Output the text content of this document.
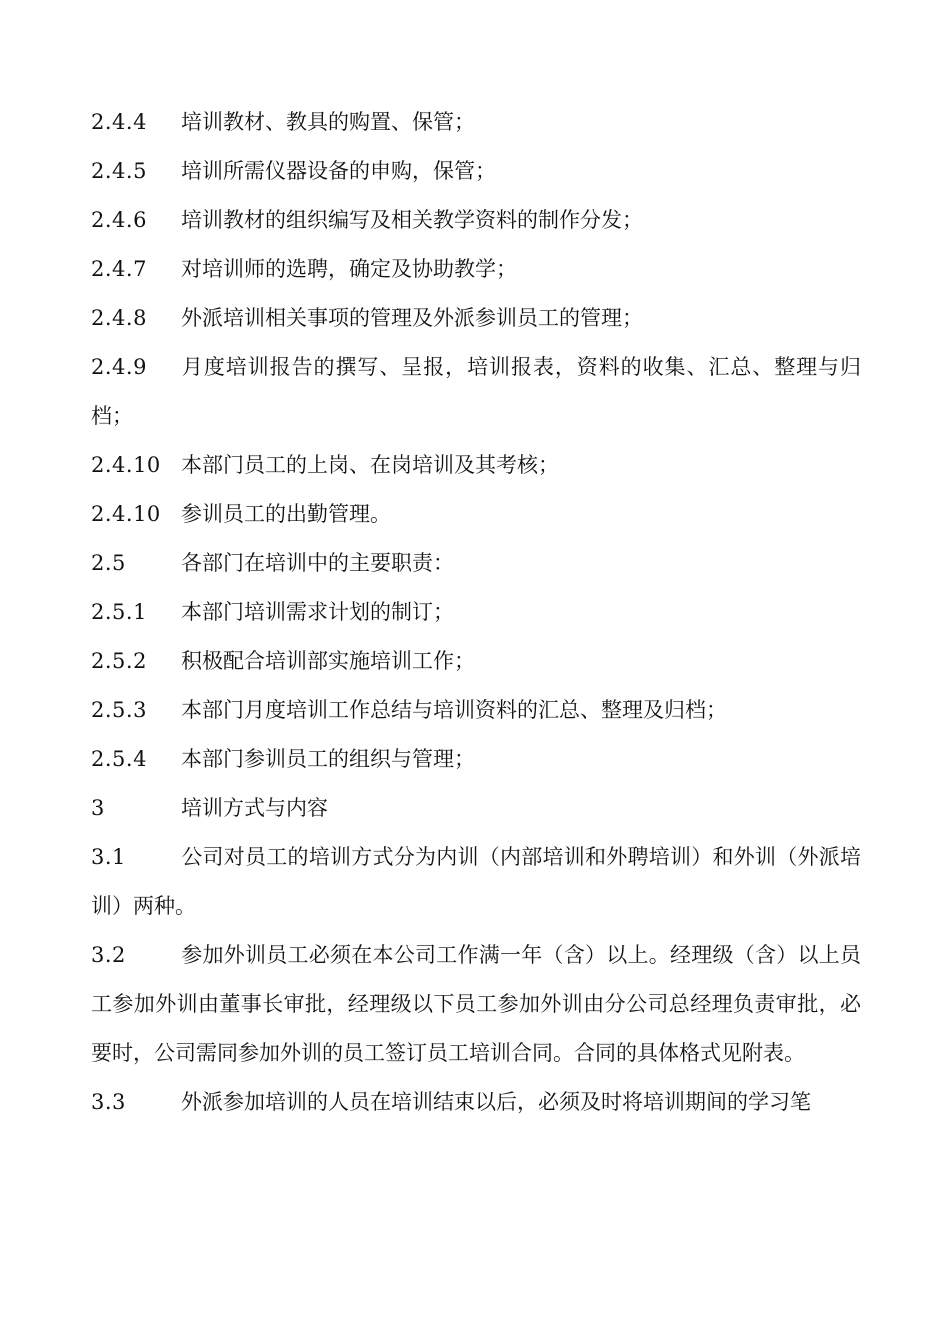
2.4.4 培训教材、教具的购置、保管；

2.4.5 培训所需仪器设备的申购，保管；

2.4.6 培训教材的组织编写及相关教学资料的制作分发；

2.4.7 对培训师的选聘，确定及协助教学；

2.4.8 外派培训相关事项的管理及外派参训员工的管理；

2.4.9 月度培训报告的撰写、呈报，培训报表，资料的收集、汇总、整理与归档；

2.4.10 本部门员工的上岗、在岗培训及其考核；

2.4.10 参训员工的出勤管理。

2.5	各部门在培训中的主要职责：

2.5.1 本部门培训需求计划的制订；

2.5.2 积极配合培训部实施培训工作；

2.5.3 本部门月度培训工作总结与培训资料的汇总、整理及归档；

2.5.4 本部门参训员工的组织与管理；

3	培训方式与内容

3.1	公司对员工的培训方式分为内训（内部培训和外聘培训）和外训（外派培训）两种。

3.2	参加外训员工必须在本公司工作满一年（含）以上。经理级（含）以上员工参加外训由董事长审批，经理级以下员工参加外训由分公司总经理负责审批，必要时，公司需同参加外训的员工签订员工培训合同。合同的具体格式见附表。

3.3	外派参加培训的人员在培训结束以后，必须及时将培训期间的学习笔
